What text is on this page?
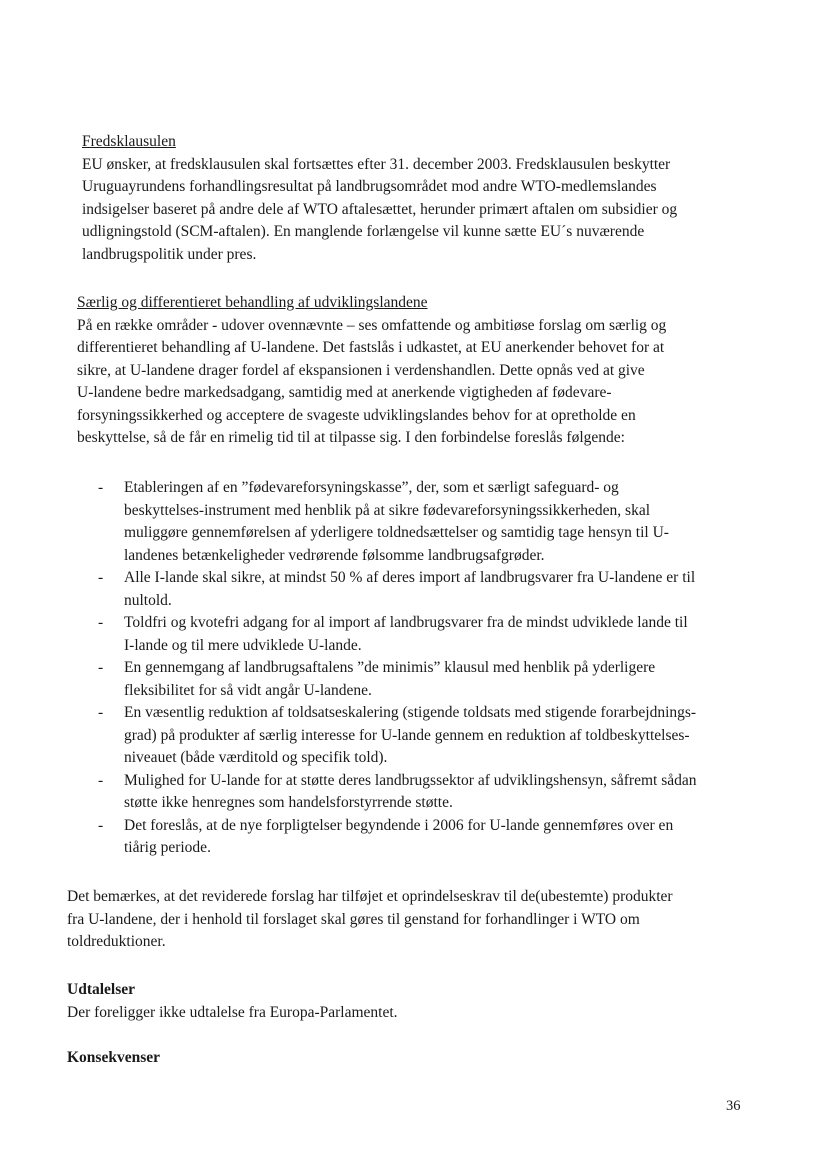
Fredsklausulen
EU ønsker, at fredsklausulen skal fortsættes efter 31. december 2003. Fredsklausulen beskytter
Uruguayrundens forhandlingsresultat på landbrugsområdet mod andre WTO-medlemslandes
indsigelser baseret på andre dele af WTO aftalesættet, herunder primært aftalen om subsidier og
udligningstold (SCM-aftalen). En manglende forlængelse vil kunne sætte EU´s nuværende
landbrugspolitik under pres.
Særlig og differentieret behandling af udviklingslandene
På en række områder - udover ovennævnte – ses omfattende og ambitiøse forslag om særlig og
differentieret behandling af U-landene. Det fastslås i udkastet, at EU anerkender behovet for at
sikre, at U-landene drager fordel af ekspansionen i verdenshandlen. Dette opnås ved at give
U-landene bedre markedsadgang, samtidig med at anerkende vigtigheden af fødevare-
forsyningssikkerhed og acceptere de svageste udviklingslandes behov for at opretholde en
beskyttelse, så de får en rimelig tid til at tilpasse sig. I den forbindelse foreslås følgende:
- Etableringen af en ”fødevareforsyningskasse”, der, som et særligt safeguard- og
beskyttelses-instrument med henblik på at sikre fødevareforsyningssikkerheden, skal
muliggøre gennemførelsen af yderligere toldnedsættelser og samtidig tage hensyn til U-
landenes betænkeligheder vedrørende følsomme landbrugsafgrøder.
- Alle I-lande skal sikre, at mindst 50 % af deres import af landbrugsvarer fra U-landene er til
nultold.
- Toldfri og kvotefri adgang for al import af landbrugsvarer fra de mindst udviklede lande til
I-lande og til mere udviklede U-lande.
- En gennemgang af landbrugsaftalens ”de minimis” klausul med henblik på yderligere
fleksibilitet for så vidt angår U-landene.
- En væsentlig reduktion af toldsatseskalering (stigende toldsats med stigende forarbejdnings-
grad) på produkter af særlig interesse for U-lande gennem en reduktion af toldbeskyttelses-
niveauet (både værditold og specifik told).
- Mulighed for U-lande for at støtte deres landbrugssektor af udviklingshensyn, såfremt sådan
støtte ikke henregnes som handelsforstyrrende støtte.
- Det foreslås, at de nye forpligtelser begyndende i 2006 for U-lande gennemføres over en
tiårig periode.
Det bemærkes, at det reviderede forslag har tilføjet et oprindelseskrav til de(ubestemte) produkter
fra U-landene, der i henhold til forslaget skal gøres til genstand for forhandlinger i WTO om
toldreduktioner.
Udtalelser
Der foreligger ikke udtalelse fra Europa-Parlamentet.
Konsekvenser
36
